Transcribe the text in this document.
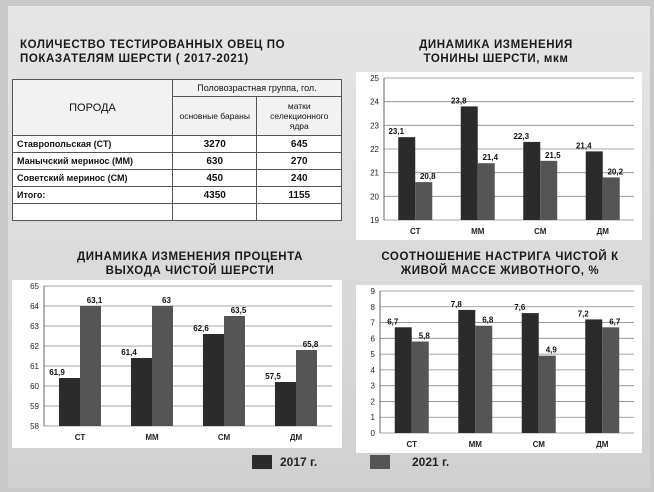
КОЛИЧЕСТВО ТЕСТИРОВАННЫХ ОВЕЦ ПО ПОКАЗАТЕЛЯМ ШЕРСТИ ( 2017-2021)
ПОРОДА	Половозрастная группа, гол.	
	основные бараны	матки селекционного ядра
Ставропольская (СТ)	3270	645
Манычский меринос (ММ)	630	270
Советский меринос (СМ)	450	240
Итого:	4350	1155

ДИНАМИКА ИЗМЕНЕНИЯ ТОНИНЫ ШЕРСТИ, мкм
ДИНАМИКА ИЗМЕНЕНИЯ ПРОЦЕНТА ВЫХОДА ЧИСТОЙ ШЕРСТИ
СООТНОШЕНИЕ НАСТРИГА ЧИСТОЙ К ЖИВОЙ МАССЕ ЖИВОТНОГО, %
19
20
21
22
23
24
25
23,1
20,8
СТ
23,8
21,4
ММ
22,3
21,5
СМ
21,4
20,2
ДМ
58
59
60
61
62
63
64
65
61,9
63,1
СТ
61,4
63
ММ
62,6
63,5
СМ
57,5
65,8
ДМ	0
1
2
3
4
5
6
7
8
9
6,7
5,8
СТ
7,8
6,8
ММ
7,6
4,9
СМ
7,2
6,7
ДМ
2017 г.	2021 г.
